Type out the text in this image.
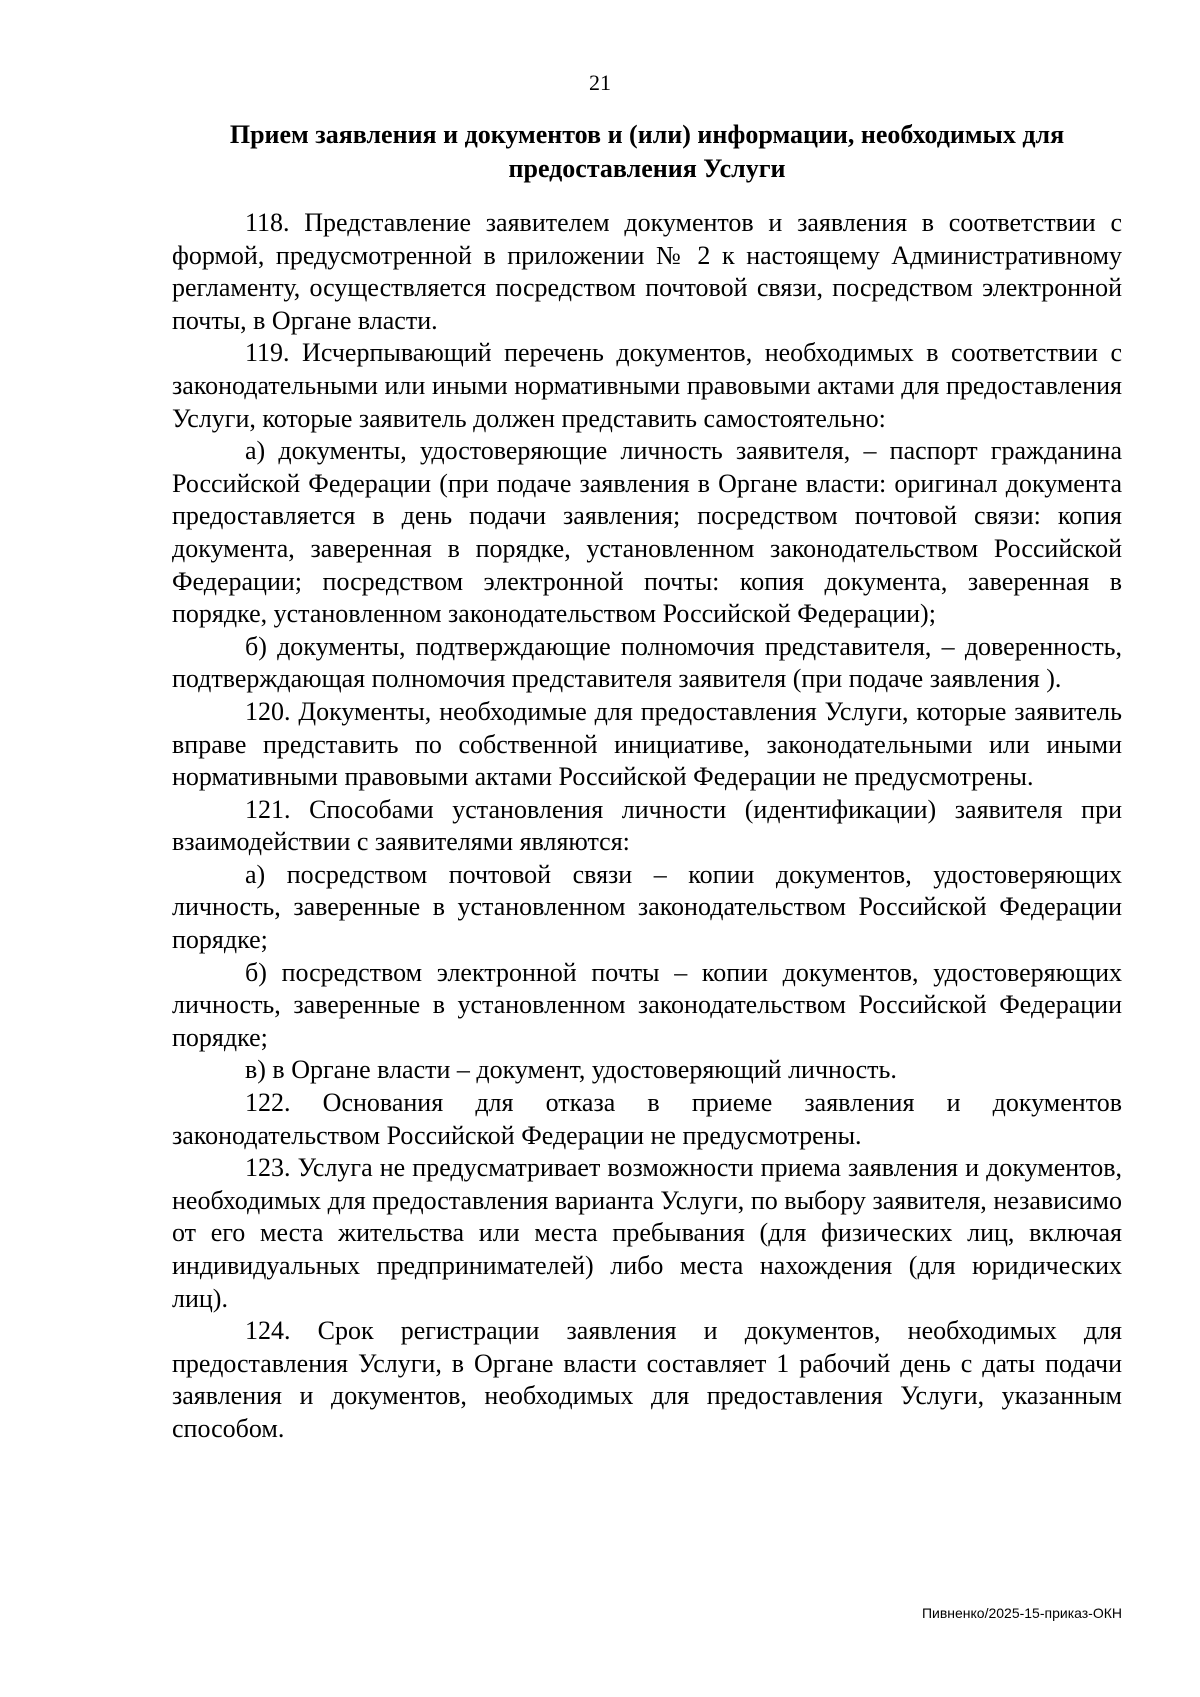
21
Прием заявления и документов и (или) информации, необходимых для предоставления Услуги

118. Представление заявителем документов и заявления в соответствии с формой, предусмотренной в приложении № 2 к настоящему Административному регламенту, осуществляется посредством почтовой связи, посредством электронной почты, в Органе власти.

119. Исчерпывающий перечень документов, необходимых в соответствии с законодательными или иными нормативными правовыми актами для предоставления Услуги, которые заявитель должен представить самостоятельно:

а) документы, удостоверяющие личность заявителя, – паспорт гражданина Российской Федерации (при подаче заявления в Органе власти: оригинал документа предоставляется в день подачи заявления; посредством почтовой связи: копия документа, заверенная в порядке, установленном законодательством Российской Федерации; посредством электронной почты: копия документа, заверенная в порядке, установленном законодательством Российской Федерации);

б) документы, подтверждающие полномочия представителя, – доверенность, подтверждающая полномочия представителя заявителя (при подаче заявления ).

120. Документы, необходимые для предоставления Услуги, которые заявитель вправе представить по собственной инициативе, законодательными или иными нормативными правовыми актами Российской Федерации не предусмотрены.

121. Способами установления личности (идентификации) заявителя при взаимодействии с заявителями являются:

а) посредством почтовой связи – копии документов, удостоверяющих личность, заверенные в установленном законодательством Российской Федерации порядке;

б) посредством электронной почты – копии документов, удостоверяющих личность, заверенные в установленном законодательством Российской Федерации порядке;

в) в Органе власти – документ, удостоверяющий личность.

122. Основания для отказа в приеме заявления и документов законодательством Российской Федерации не предусмотрены.

123. Услуга не предусматривает возможности приема заявления и документов, необходимых для предоставления варианта Услуги, по выбору заявителя, независимо от его места жительства или места пребывания (для физических лиц, включая индивидуальных предпринимателей) либо места нахождения (для юридических лиц).

124. Срок регистрации заявления и документов, необходимых для предоставления Услуги, в Органе власти составляет 1 рабочий день с даты подачи заявления и документов, необходимых для предоставления Услуги, указанным способом.

Пивненко/2025-15-приказ-ОКН
